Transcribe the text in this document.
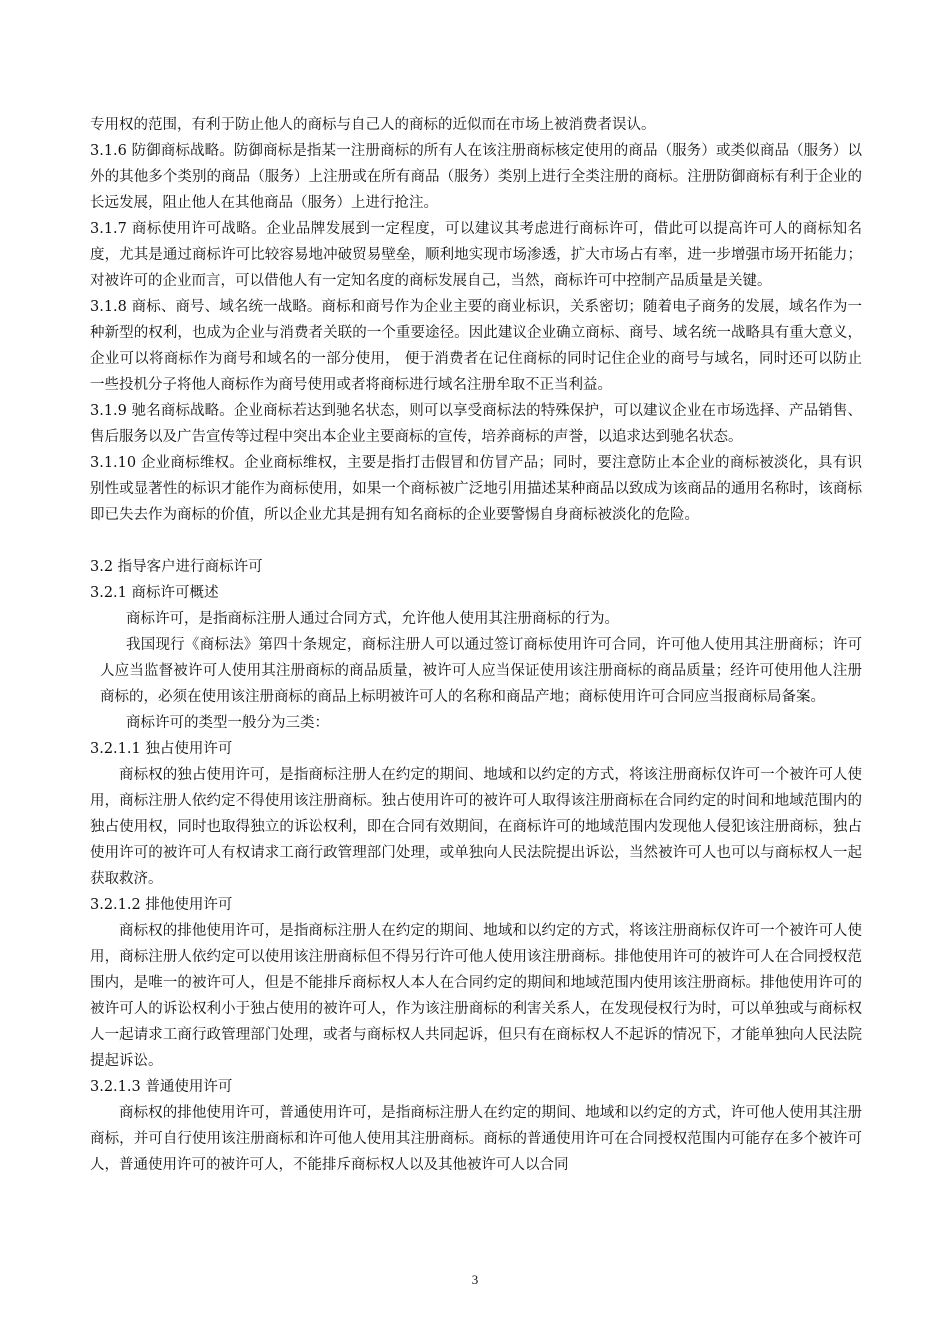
专用权的范围，有利于防止他人的商标与自己人的商标的近似而在市场上被消费者误认。

3.1.6 防御商标战略。防御商标是指某一注册商标的所有人在该注册商标核定使用的商品（服务）或类似商品（服务）以外的其他多个类别的商品（服务）上注册或在所有商品（服务）类别上进行全类注册的商标。注册防御商标有利于企业的长远发展，阻止他人在其他商品（服务）上进行抢注。

3.1.7 商标使用许可战略。企业品牌发展到一定程度，可以建议其考虑进行商标许可，借此可以提高许可人的商标知名度，尤其是通过商标许可比较容易地冲破贸易壁垒，顺利地实现市场渗透，扩大市场占有率，进一步增强市场开拓能力；对被许可的企业而言，可以借他人有一定知名度的商标发展自己，当然，商标许可中控制产品质量是关键。

3.1.8 商标、商号、域名统一战略。商标和商号作为企业主要的商业标识，关系密切；随着电子商务的发展，域名作为一种新型的权利，也成为企业与消费者关联的一个重要途径。因此建议企业确立商标、商号、域名统一战略具有重大意义，企业可以将商标作为商号和域名的一部分使用， 便于消费者在记住商标的同时记住企业的商号与域名，同时还可以防止一些投机分子将他人商标作为商号使用或者将商标进行域名注册牟取不正当利益。

3.1.9 驰名商标战略。企业商标若达到驰名状态，则可以享受商标法的特殊保护，可以建议企业在市场选择、产品销售、售后服务以及广告宣传等过程中突出本企业主要商标的宣传，培养商标的声誉，以追求达到驰名状态。

3.1.10 企业商标维权。企业商标维权，主要是指打击假冒和仿冒产品；同时，要注意防止本企业的商标被淡化，具有识别性或显著性的标识才能作为商标使用，如果一个商标被广泛地引用描述某种商品以致成为该商品的通用名称时，该商标即已失去作为商标的价值，所以企业尤其是拥有知名商标的企业要警惕自身商标被淡化的危险。

3.2 指导客户进行商标许可

3.2.1 商标许可概述

商标许可，是指商标注册人通过合同方式，允许他人使用其注册商标的行为。

我国现行《商标法》第四十条规定，商标注册人可以通过签订商标使用许可合同，许可他人使用其注册商标；许可人应当监督被许可人使用其注册商标的商品质量，被许可人应当保证使用该注册商标的商品质量；经许可使用他人注册商标的，必须在使用该注册商标的商品上标明被许可人的名称和商品产地；商标使用许可合同应当报商标局备案。

商标许可的类型一般分为三类：

3.2.1.1 独占使用许可

商标权的独占使用许可，是指商标注册人在约定的期间、地域和以约定的方式，将该注册商标仅许可一个被许可人使用，商标注册人依约定不得使用该注册商标。独占使用许可的被许可人取得该注册商标在合同约定的时间和地域范围内的独占使用权，同时也取得独立的诉讼权利，即在合同有效期间，在商标许可的地域范围内发现他人侵犯该注册商标，独占使用许可的被许可人有权请求工商行政管理部门处理，或单独向人民法院提出诉讼，当然被许可人也可以与商标权人一起获取救济。

3.2.1.2 排他使用许可

商标权的排他使用许可，是指商标注册人在约定的期间、地域和以约定的方式，将该注册商标仅许可一个被许可人使用，商标注册人依约定可以使用该注册商标但不得另行许可他人使用该注册商标。排他使用许可的被许可人在合同授权范围内，是唯一的被许可人，但是不能排斥商标权人本人在合同约定的期间和地域范围内使用该注册商标。排他使用许可的被许可人的诉讼权利小于独占使用的被许可人，作为该注册商标的利害关系人，在发现侵权行为时，可以单独或与商标权人一起请求工商行政管理部门处理，或者与商标权人共同起诉，但只有在商标权人不起诉的情况下，才能单独向人民法院提起诉讼。

3.2.1.3 普通使用许可

商标权的排他使用许可，普通使用许可，是指商标注册人在约定的期间、地域和以约定的方式，许可他人使用其注册商标，并可自行使用该注册商标和许可他人使用其注册商标。商标的普通使用许可在合同授权范围内可能存在多个被许可人，普通使用许可的被许可人，不能排斥商标权人以及其他被许可人以合同

3
